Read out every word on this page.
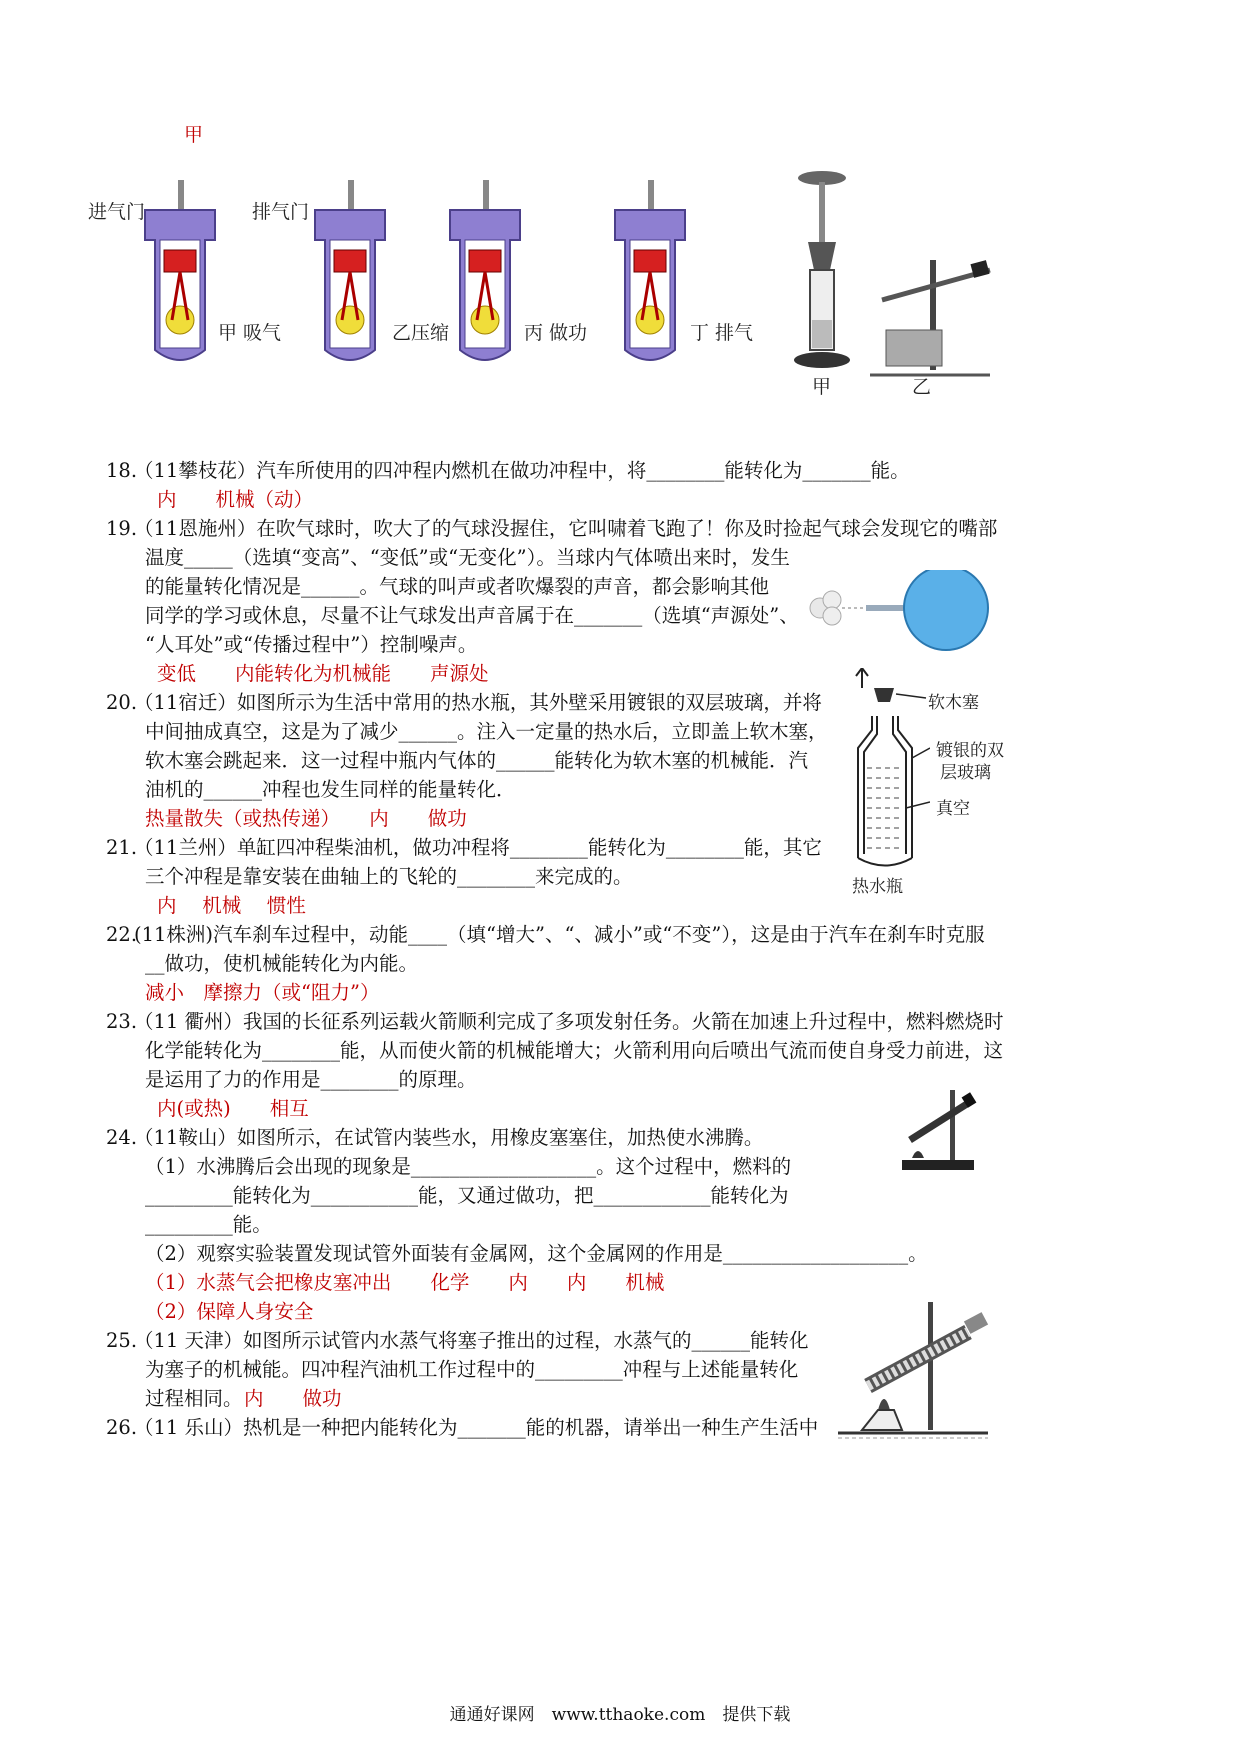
甲
进气门	排气门
甲 吸气	乙压缩	丙 做功	丁 排气
甲	乙
18.
（11攀枝花）汽车所使用的四冲程内燃机在做功冲程中，将________能转化为_______能。
内　　机械（动）
19.
（11恩施州）在吹气球时，吹大了的气球没握住，它叫啸着飞跑了！你及时捡起气球会发现它的嘴部
温度_____（选填“变高”、“变低”或“无变化”）。当球内气体喷出来时，发生
的能量转化情况是______。气球的叫声或者吹爆裂的声音，都会影响其他
同学的学习或休息，尽量不让气球发出声音属于在_______（选填“声源处”、
“人耳处”或“传播过程中”）控制噪声。
变低　　内能转化为机械能　　声源处
20.
（11宿迁）如图所示为生活中常用的热水瓶，其外壁采用镀银的双层玻璃，并将
中间抽成真空，这是为了减少______。注入一定量的热水后，立即盖上软木塞，
软木塞会跳起来．这一过程中瓶内气体的______能转化为软木塞的机械能．汽
油机的______冲程也发生同样的能量转化．
热量散失（或热传递）　　内　　做功
软木塞
镀银的双
层玻璃
真空
热水瓶
21.
（11兰州）单缸四冲程柴油机，做功冲程将________能转化为________能，其它
三个冲程是靠安装在曲轴上的飞轮的________来完成的。
内　 机械　 惯性
22.
(11株洲)汽车刹车过程中，动能____（填“增大”、“、减小”或“不变”），这是由于汽车在刹车时克服
__做功，使机械能转化为内能。
减小　摩擦力（或“阻力”）
23.
（11 衢州）我国的长征系列运载火箭顺利完成了多项发射任务。火箭在加速上升过程中，燃料燃烧时
化学能转化为________能，从而使火箭的机械能增大；火箭利用向后喷出气流而使自身受力前进，这
是运用了力的作用是________的原理。
内(或热)　　相互
24.
（11鞍山）如图所示，在试管内装些水，用橡皮塞塞住，加热使水沸腾。
（1）水沸腾后会出现的现象是___________________。这个过程中，燃料的
_________能转化为___________能，又通过做功，把____________能转化为
_________能。
（2）观察实验装置发现试管外面装有金属网，这个金属网的作用是___________________。
（1）水蒸气会把橡皮塞冲出　　化学　　内　　内　　机械
（2）保障人身安全
25.
（11 天津）如图所示试管内水蒸气将塞子推出的过程，水蒸气的______能转化
为塞子的机械能。四冲程汽油机工作过程中的_________冲程与上述能量转化
过程相同。 内　　做功
26.
（11 乐山）热机是一种把内能转化为_______能的机器，请举出一种生产生活中
通通好课网　www.tthaoke.com　提供下载
